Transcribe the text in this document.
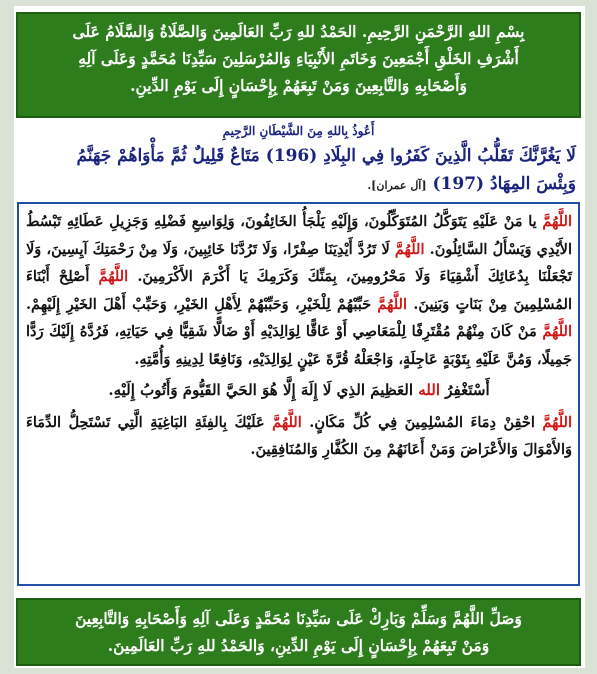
بِسْمِ اللهِ الرَّحْمَنِ الرَّحِيمِ. الحَمْدُ للهِ رَبِّ العَالَمِينَ وَالصَّلَاةُ وَالسَّلَامُ عَلَى

أَشْرَفِ الخَلْقِ أَجْمَعِينَ وَخَاتَمِ الأَنْبِيَاءِ وَالمُرْسَلِينَ سَيِّدِنَا مُحَمَّدٍ وَعَلَى آلِهِ

وَأَصْحَابِهِ وَالتَّابِعِينَ وَمَنْ تَبِعَهُمْ بِإِحْسَانٍ إِلَى يَوْمِ الدِّينِ.

أَعُوذُ بِاللهِ مِنَ الشَّيْطَانِ الرَّجِيمِ

لَا يَغُرَّنَّكَ تَقَلُّبُ الَّذِينَ كَفَرُوا فِي البِلَادِ (196) مَتَاعٌ قَلِيلٌ ثُمَّ مَأْوَاهُمْ جَهَنَّمُ

وَبِئْسَ المِهَادُ (197) [آل عمران].

اللَّهُمَّ يا مَنْ عَلَيْهِ يَتَوَكَّلُ المُتَوَكِّلُونَ، وَإِلَيْهِ يَلْجَأُ الخَائِفُونَ، وَلِوَاسِعِ فَضْلِهِ وَجَزِيلِ عَطَائِهِ تَبْسُطُ الأَيْدِي وَيَسْأَلُ السَّائِلُونَ. اللَّهُمَّ لَا تَرُدَّ أَيْدِيَنَا صِفْرًا، وَلَا تَرُدَّنَا خَائِبِينَ، وَلَا مِنْ رَحْمَتِكَ آيِسِينَ، وَلَا تَجْعَلْنَا بِدُعَائِكَ أَشْقِيَاءَ وَلَا مَحْرُومِينَ، بِمَنِّكَ وَكَرَمِكَ يَا أَكْرَمَ الأَكْرَمِينَ. اللَّهُمَّ أَصْلِحْ أَبْنَاءَ المُسْلِمِينَ مِنْ بَنَاتٍ وَبَنِينَ. اللَّهُمَّ حَبِّبْهُمْ لِلْخَيْرِ، وَحَبِّبْهُمْ لِأَهْلِ الخَيْرِ، وَحَبِّبْ أَهْلَ الخَيْرِ إِلَيْهِمْ. اللَّهُمَّ مَنْ كَانَ مِنْهُمْ مُقْتَرِفًا لِلْمَعَاصِي أَوْ عَاقًّا لِوَالِدَيْهِ أَوْ ضَالًّا شَقِيًّا فِي حَيَاتِهِ، فَرُدَّهُ إِلَيْكَ رَدًّا جَمِيلًا، وَمُنَّ عَلَيْهِ بِتَوْبَةٍ عَاجِلَةٍ، وَاجْعَلْهُ قُرَّةَ عَيْنٍ لِوَالِدَيْهِ، وَنَافِعًا لِدِينِهِ وَأُمَّتِهِ.

أَسْتَغْفِرُ الله العَظِيمَ الذِي لَا إِلَهَ إِلَّا هُوَ الحَيَّ القَيُّومَ وَأَتُوبُ إِلَيْهِ.

اللَّهُمَّ احْقِنْ دِمَاءَ المُسْلِمِينَ فِي كُلِّ مَكَانٍ. اللَّهُمَّ عَلَيْكَ بِالفِئَةِ البَاغِيَةِ الَّتِي تَسْتَحِلُّ الدِّمَاءَ وَالأَمْوَالَ وَالأَعْرَاضَ وَمَنْ أَعَانَهُمْ مِنَ الكُفَّارِ وَالمُنَافِقِينَ.

وَصَلِّ اللَّهُمَّ وَسَلِّمْ وَبَارِكْ عَلَى سَيِّدِنَا مُحَمَّدٍ وَعَلَى آلِهِ وَأَصْحَابِهِ وَالتَّابِعِينَ

وَمَنْ تَبِعَهُمْ بِإِحْسَانٍ إِلَى يَوْمِ الدِّينِ، وَالحَمْدُ للهِ رَبِّ العَالَمِينَ.
